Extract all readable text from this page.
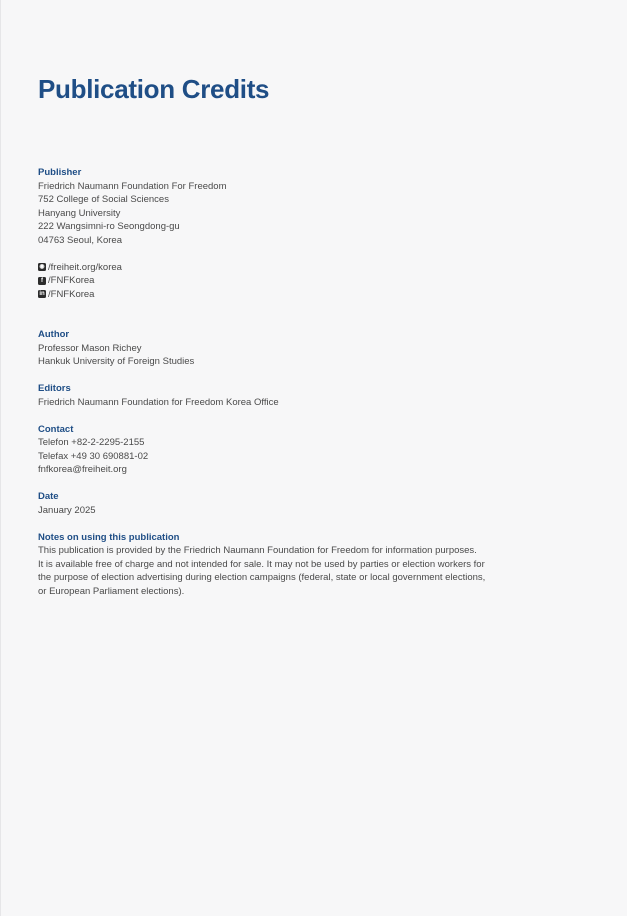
Publication Credits
Publisher
Friedrich Naumann Foundation For Freedom
752 College of Social Sciences
Hanyang University
222 Wangsimni-ro Seongdong-gu
04763 Seoul, Korea
◉ /freiheit.org/korea
f /FNFKorea
in /FNFKorea
Author
Professor Mason Richey
Hankuk University of Foreign Studies
Editors
Friedrich Naumann Foundation for Freedom Korea Office
Contact
Telefon +82-2-2295-2155
Telefax +49 30 690881-02
fnfkorea@freiheit.org
Date
January 2025
Notes on using this publication
This publication is provided by the Friedrich Naumann Foundation for Freedom for information purposes.
It is available free of charge and not intended for sale. It may not be used by parties or election workers for
the purpose of election advertising during election campaigns (federal, state or local government elections,
or European Parliament elections).
